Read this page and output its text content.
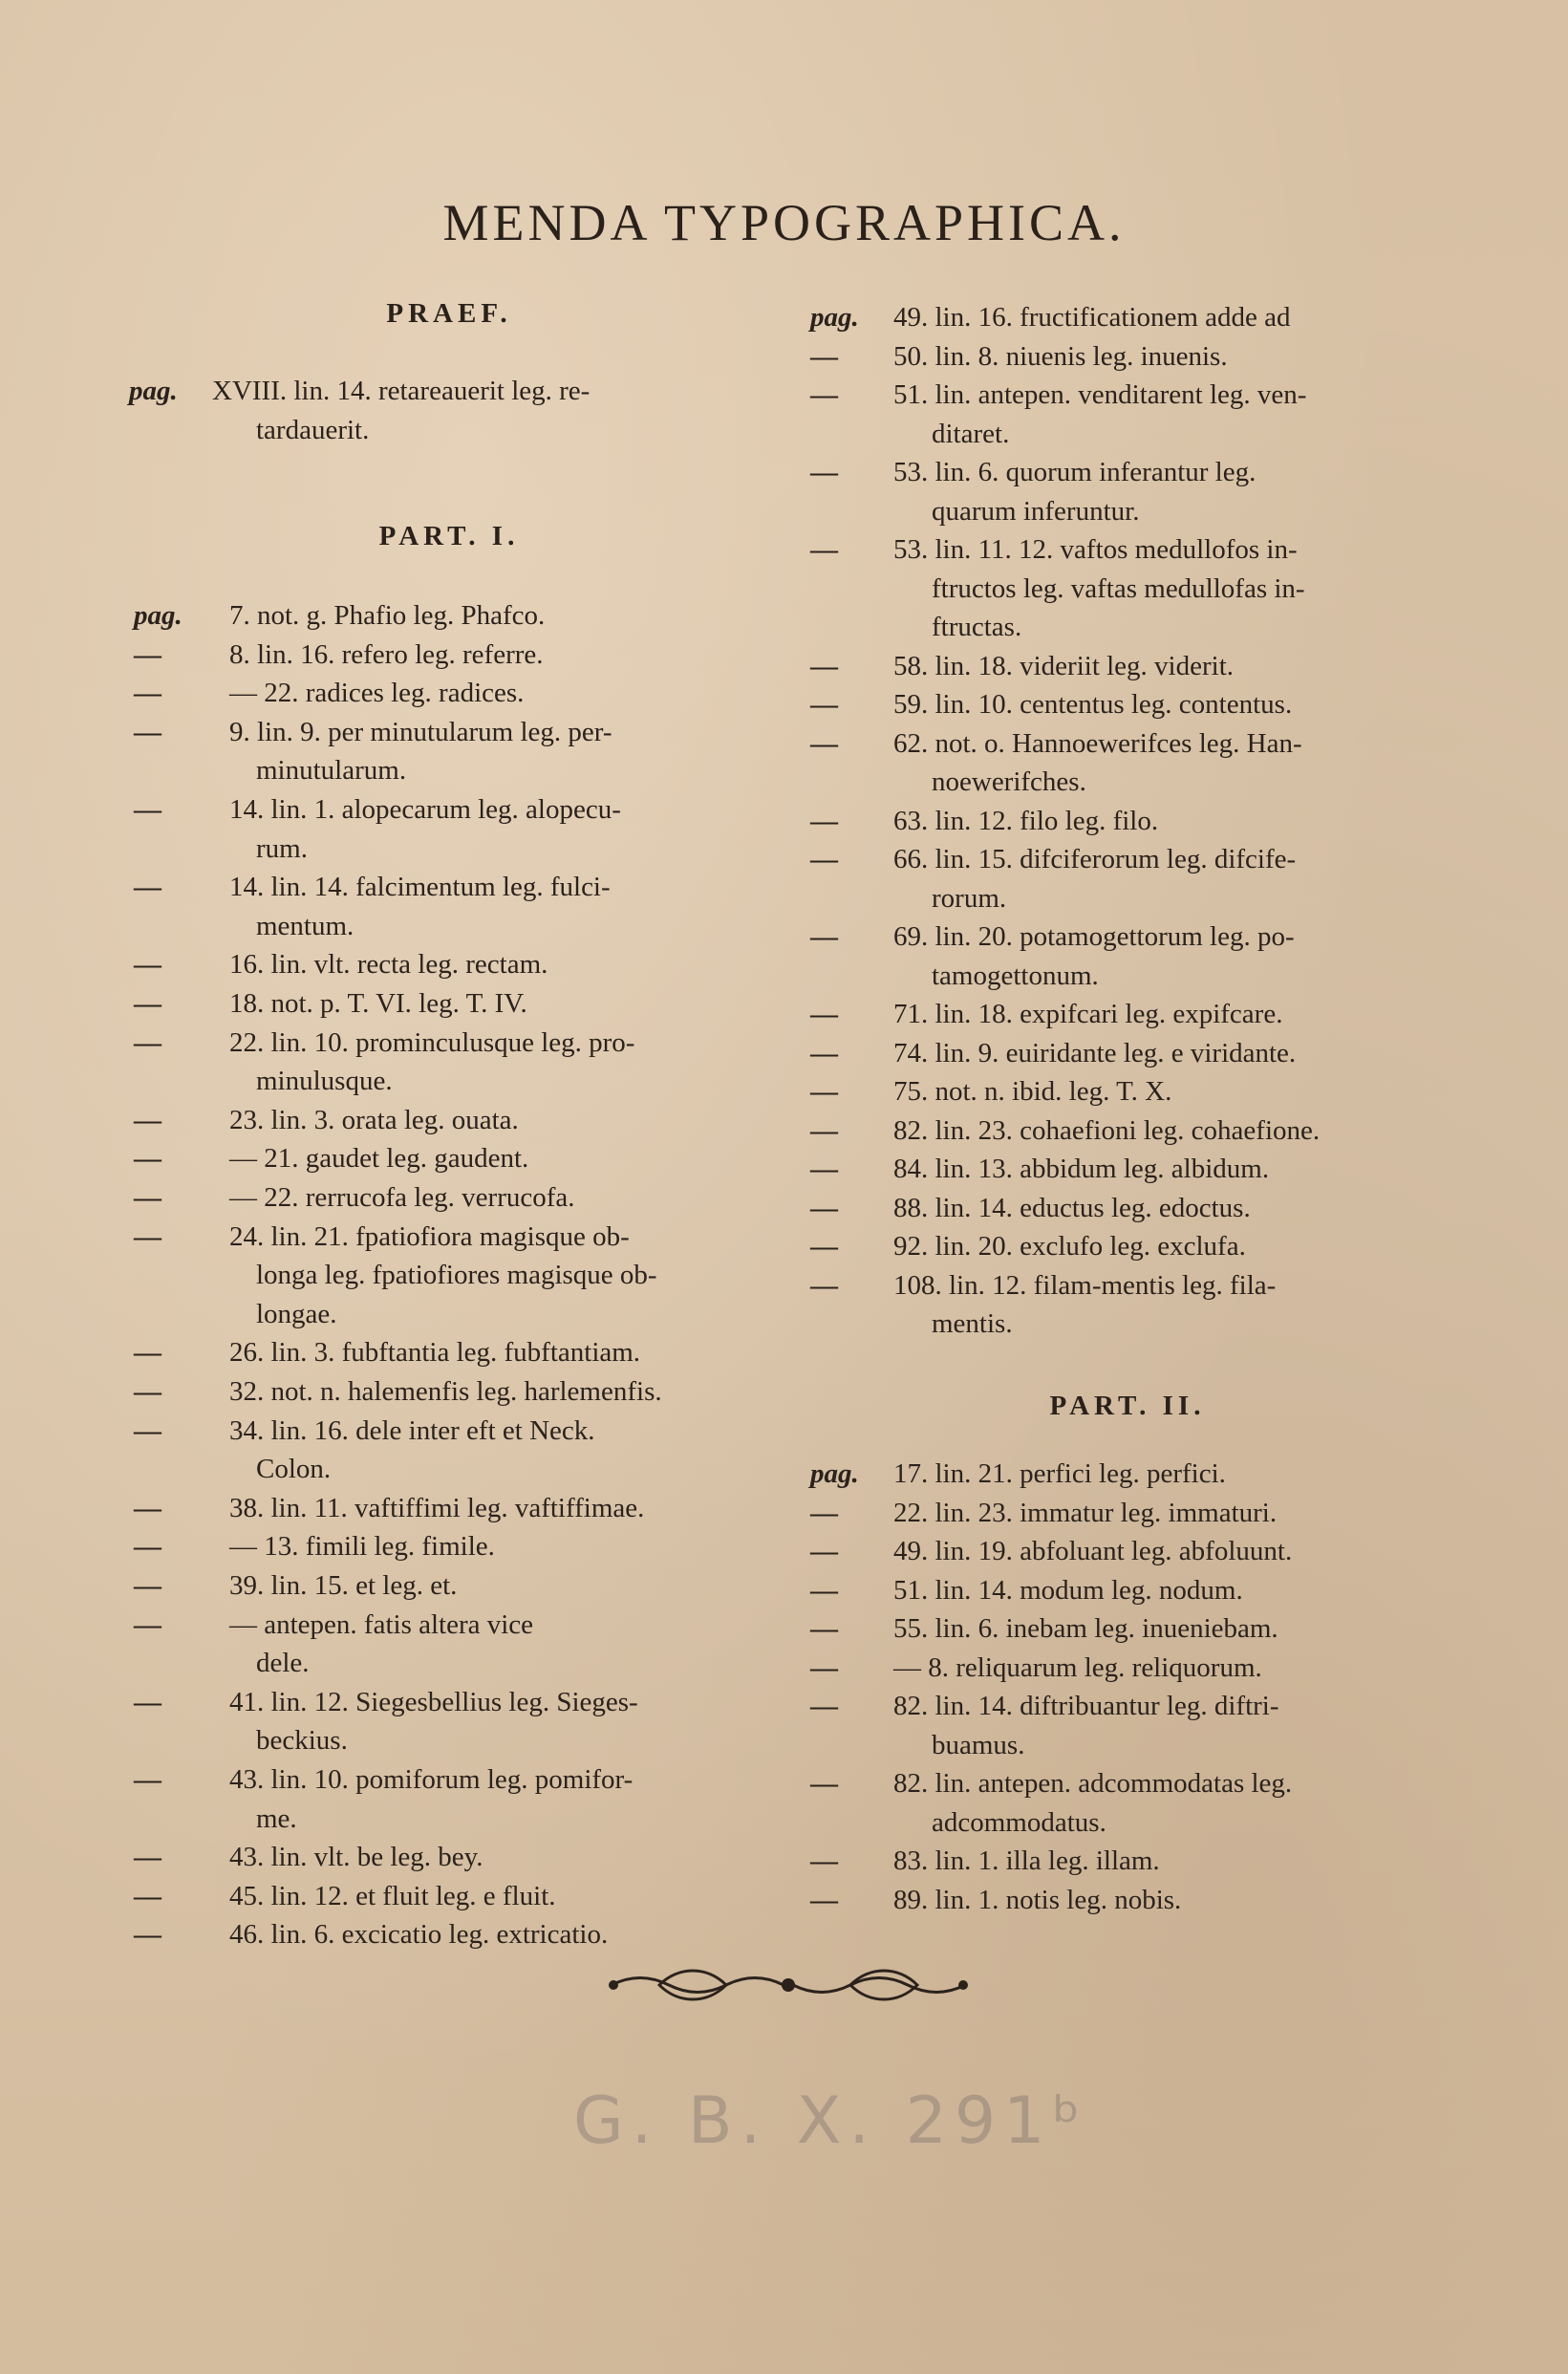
MENDA TYPOGRAPHICA.
PRAEF.
PART. I.
PART. II.
pag. XVIII. lin. 14. retareauerit leg. re-
tardauerit.
pag. 7. not. g. Phafio leg. Phafco.
— 8. lin. 16. refero leg. referre.
— — 22. radices leg. radices.
— 9. lin. 9. per minutularum leg. per-
minutularum.
— 14. lin. 1. alopecarum leg. alopecu-
rum.
— 14. lin. 14. falcimentum leg. fulci-
mentum.
— 16. lin. vlt. recta leg. rectam.
— 18. not. p. T. VI. leg. T. IV.
— 22. lin. 10. prominculusque leg. pro-
minulusque.
— 23. lin. 3. orata leg. ouata.
— — 21. gaudet leg. gaudent.
— — 22. rerrucofa leg. verrucofa.
— 24. lin. 21. fpatiofiora magisque ob-
longa leg. fpatiofiores magisque ob-
longae.
— 26. lin. 3. fubftantia leg. fubftantiam.
— 32. not. n. halemenfis leg. harlemenfis.
— 34. lin. 16. dele inter eft et Neck.
Colon.
— 38. lin. 11. vaftiffimi leg. vaftiffimae.
— — 13. fimili leg. fimile.
— 39. lin. 15. et leg. et.
— — antepen. fatis altera vice
dele.
— 41. lin. 12. Siegesbellius leg. Sieges-
beckius.
— 43. lin. 10. pomiforum leg. pomifor-
me.
— 43. lin. vlt. be leg. bey.
— 45. lin. 12. et fluit leg. e fluit.
— 46. lin. 6. excicatio leg. extricatio.
pag. 49. lin. 16. fructificationem adde ad
— 50. lin. 8. niuenis leg. inuenis.
— 51. lin. antepen. venditarent leg. ven-
ditaret.
— 53. lin. 6. quorum inferantur leg.
quarum inferuntur.
— 53. lin. 11. 12. vaftos medullofos in-
ftructos leg. vaftas medullofas in-
ftructas.
— 58. lin. 18. videriit leg. viderit.
— 59. lin. 10. cententus leg. contentus.
— 62. not. o. Hannoewerifces leg. Han-
noewerifches.
— 63. lin. 12. filo leg. filo.
— 66. lin. 15. difciferorum leg. difcife-
rorum.
— 69. lin. 20. potamogettorum leg. po-
tamogettonum.
— 71. lin. 18. expifcari leg. expifcare.
— 74. lin. 9. euiridante leg. e viridante.
— 75. not. n. ibid. leg. T. X.
— 82. lin. 23. cohaefioni leg. cohaefione.
— 84. lin. 13. abbidum leg. albidum.
— 88. lin. 14. eductus leg. edoctus.
— 92. lin. 20. exclufo leg. exclufa.
— 108. lin. 12. filam-mentis leg. fila-
mentis.
pag. 17. lin. 21. perfici leg. perfici.
— 22. lin. 23. immatur leg. immaturi.
— 49. lin. 19. abfoluant leg. abfoluunt.
— 51. lin. 14. modum leg. nodum.
— 55. lin. 6. inebam leg. inueniebam.
— — 8. reliquarum leg. reliquorum.
— 82. lin. 14. diftribuantur leg. diftri-
buamus.
— 82. lin. antepen. adcommodatas leg.
adcommodatus.
— 83. lin. 1. illa leg. illam.
— 89. lin. 1. notis leg. nobis.
G. B. X. 291ᵇ
